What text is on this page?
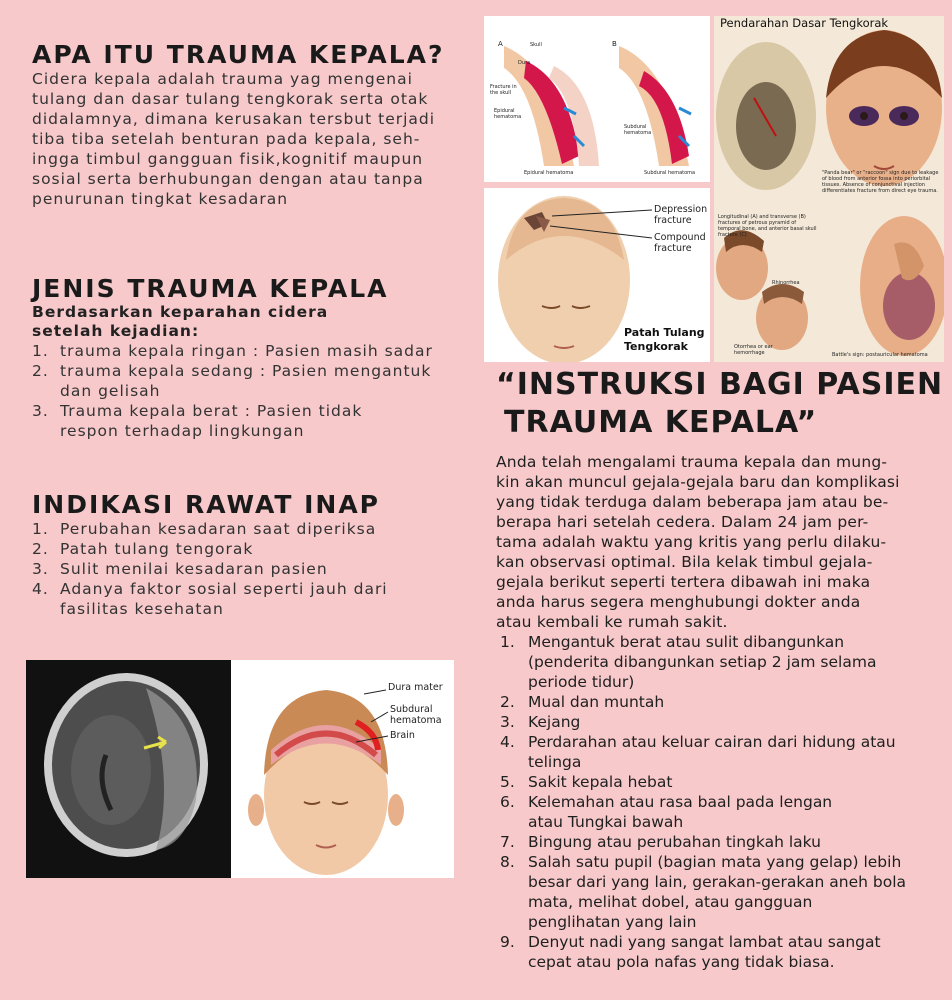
APA ITU TRAUMA KEPALA?
Cidera kepala adalah trauma yag mengenai
tulang dan dasar tulang tengkorak serta otak
didalamnya, dimana kerusakan tersbut terjadi
tiba tiba setelah benturan pada kepala, seh-
ingga timbul gangguan fisik,kognitif maupun
sosial serta berhubungan dengan atau tanpa
penurunan tingkat kesadaran
JENIS TRAUMA KEPALA
Berdasarkan keparahan cidera
setelah kejadian:
1. trauma kepala ringan : Pasien masih sadar
2. trauma kepala sedang : Pasien mengantuk
dan gelisah
3. Trauma kepala berat : Pasien tidak
respon terhadap lingkungan
INDIKASI RAWAT INAP
1. Perubahan kesadaran saat diperiksa
2. Patah tulang tengorak
3. Sulit menilai kesadaran pasien
4. Adanya faktor sosial seperti jauh dari
fasilitas kesehatan
Dura mater
Subdural hematoma
Brain
A	B
Skull
Dura
Fracture in the skull
Epidural hematoma
Subdural hematoma
Epidural hematoma	Subdural hematoma
Depression fracture
Compound fracture
Patah Tulang
Tengkorak
Pendarahan Dasar Tengkorak
"Panda bear" or "raccoon" sign due to leakage of blood from anterior fossa into periorbital tissues. Absence of conjunctival injection differentiates fracture from direct eye trauma.
Longitudinal (A) and transverse (B) fractures of petrous pyramid of temporal bone, and anterior basal skull fracture (C)
Rhinorrhea
Otorrhea or ear hemorrhage	Battle's sign: postauricular hematoma
“INSTRUKSI BAGI PASIEN
TRAUMA KEPALA”
Anda telah mengalami trauma kepala dan mung-
kin akan muncul gejala-gejala baru dan komplikasi
yang tidak terduga dalam beberapa jam atau be-
berapa hari setelah cedera. Dalam 24 jam per-
tama adalah waktu yang kritis yang perlu dilaku-
kan observasi optimal. Bila kelak timbul gejala-
gejala berikut seperti tertera dibawah ini maka
anda harus segera menghubungi dokter anda
atau kembali ke rumah sakit.
1. Mengantuk berat atau sulit dibangunkan
(penderita dibangunkan setiap 2 jam selama
periode tidur)
2. Mual dan muntah
3. Kejang
4. Perdarahan atau keluar cairan dari hidung atau
telinga
5. Sakit kepala hebat
6. Kelemahan atau rasa baal pada lengan
atau Tungkai bawah
7. Bingung atau perubahan tingkah laku
8. Salah satu pupil (bagian mata yang gelap) lebih
besar dari yang lain, gerakan-gerakan aneh bola
mata, melihat dobel, atau gangguan
penglihatan yang lain
9. Denyut nadi yang sangat lambat atau sangat
cepat atau pola nafas yang tidak biasa.
